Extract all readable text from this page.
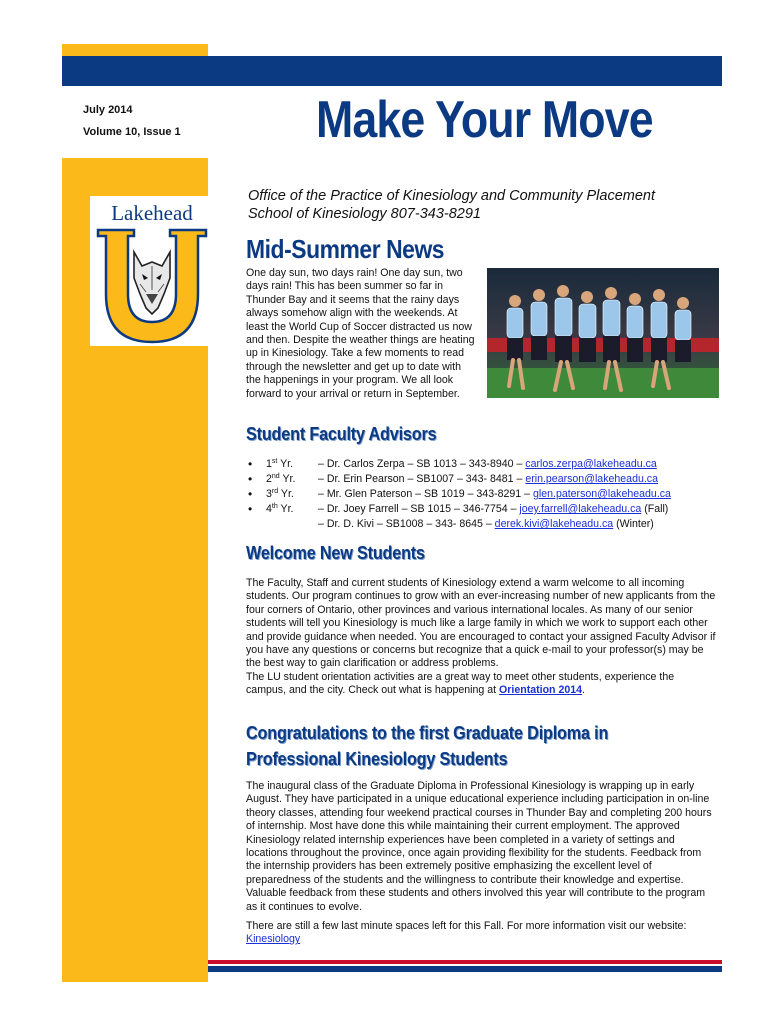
July 2014
Volume 10, Issue 1	Make Your Move
Office of the Practice of Kinesiology and Community Placement
School of Kinesiology 807-343-8291
Lakehead
Mid-Summer News

One day sun, two days rain! One day sun, two days rain! This has been summer so far in Thunder Bay and it seems that the rainy days always somehow align with the weekends. At least the World Cup of Soccer distracted us now and then. Despite the weather things are heating up in Kinesiology. Take a few moments to read through the newsletter and get up to date with the happenings in your program. We all look forward to your arrival or return in September.

Student Faculty Advisors
• 1st Yr. – Dr. Carlos Zerpa – SB 1013 – 343-8940 – carlos.zerpa@lakeheadu.ca
• 2nd Yr. – Dr. Erin Pearson – SB1007 – 343- 8481 – erin.pearson@lakeheadu.ca
• 3rd Yr. – Mr. Glen Paterson – SB 1019 – 343-8291 – glen.paterson@lakeheadu.ca
• 4th Yr. – Dr. Joey Farrell – SB 1015 – 346-7754 – joey.farrell@lakeheadu.ca (Fall)
– Dr. D. Kivi – SB1008 – 343- 8645 – derek.kivi@lakeheadu.ca (Winter)
Welcome New Students
The Faculty, Staff and current students of Kinesiology extend a warm welcome to all incoming students. Our program continues to grow with an ever-increasing number of new applicants from the four corners of Ontario, other provinces and various international locales. As many of our senior students will tell you Kinesiology is much like a large family in which we work to support each other and provide guidance when needed. You are encouraged to contact your assigned Faculty Advisor if you have any questions or concerns but recognize that a quick e-mail to your professor(s) may be the best way to gain clarification or address problems.
The LU student orientation activities are a great way to meet other students, experience the campus, and the city. Check out what is happening at Orientation 2014.
Congratulations to the first Graduate Diploma in Professional Kinesiology Students

The inaugural class of the Graduate Diploma in Professional Kinesiology is wrapping up in early August. They have participated in a unique educational experience including participation in on-line theory classes, attending four weekend practical courses in Thunder Bay and completing 200 hours of internship. Most have done this while maintaining their current employment. The approved Kinesiology related internship experiences have been completed in a variety of settings and locations throughout the province, once again providing flexibility for the students. Feedback from the internship providers has been extremely positive emphasizing the excellent level of preparedness of the students and the willingness to contribute their knowledge and expertise. Valuable feedback from these students and others involved this year will contribute to the program as it continues to evolve.

There are still a few last minute spaces left for this Fall. For more information visit our website: Kinesiology
